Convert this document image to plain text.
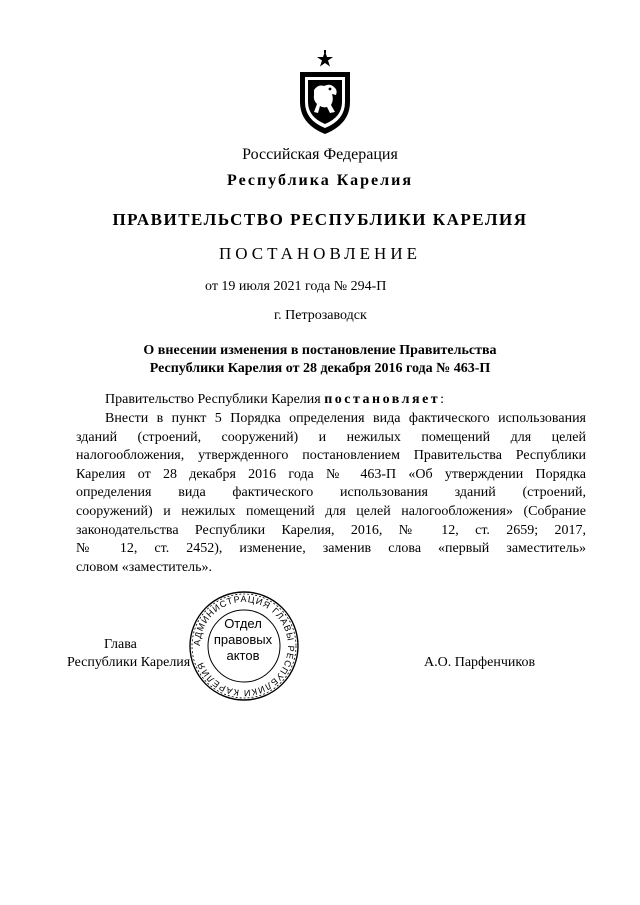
Российская Федерация
Республика Карелия
ПРАВИТЕЛЬСТВО РЕСПУБЛИКИ КАРЕЛИЯ
ПОСТАНОВЛЕНИЕ
от 19 июля 2021 года № 294-П
г. Петрозаводск
О внесении изменения в постановление Правительства
Республики Карелия от 28 декабря 2016 года № 463-П
Правительство Республики Карелия постановляет:
Внести в пункт 5 Порядка определения вида фактического использования
зданий (строений, сооружений) и нежилых помещений для целей
налогообложения, утвержденного постановлением Правительства Республики
Карелия от 28 декабря 2016 года № 463-П «Об утверждении Порядка
определения вида фактического использования зданий (строений,
сооружений) и нежилых помещений для целей налогообложения» (Собрание
законодательства Республики Карелия, 2016, № 12, ст. 2659; 2017,
№ 12, ст. 2452), изменение, заменив слова «первый заместитель»
словом «заместитель».
АДМИНИСТРАЦИЯ ГЛАВЫ РЕСПУБЛИКИ КАРЕЛИЯ
Отдел
правовых
актов
Глава
Республики Карелия	А.О. Парфенчиков
